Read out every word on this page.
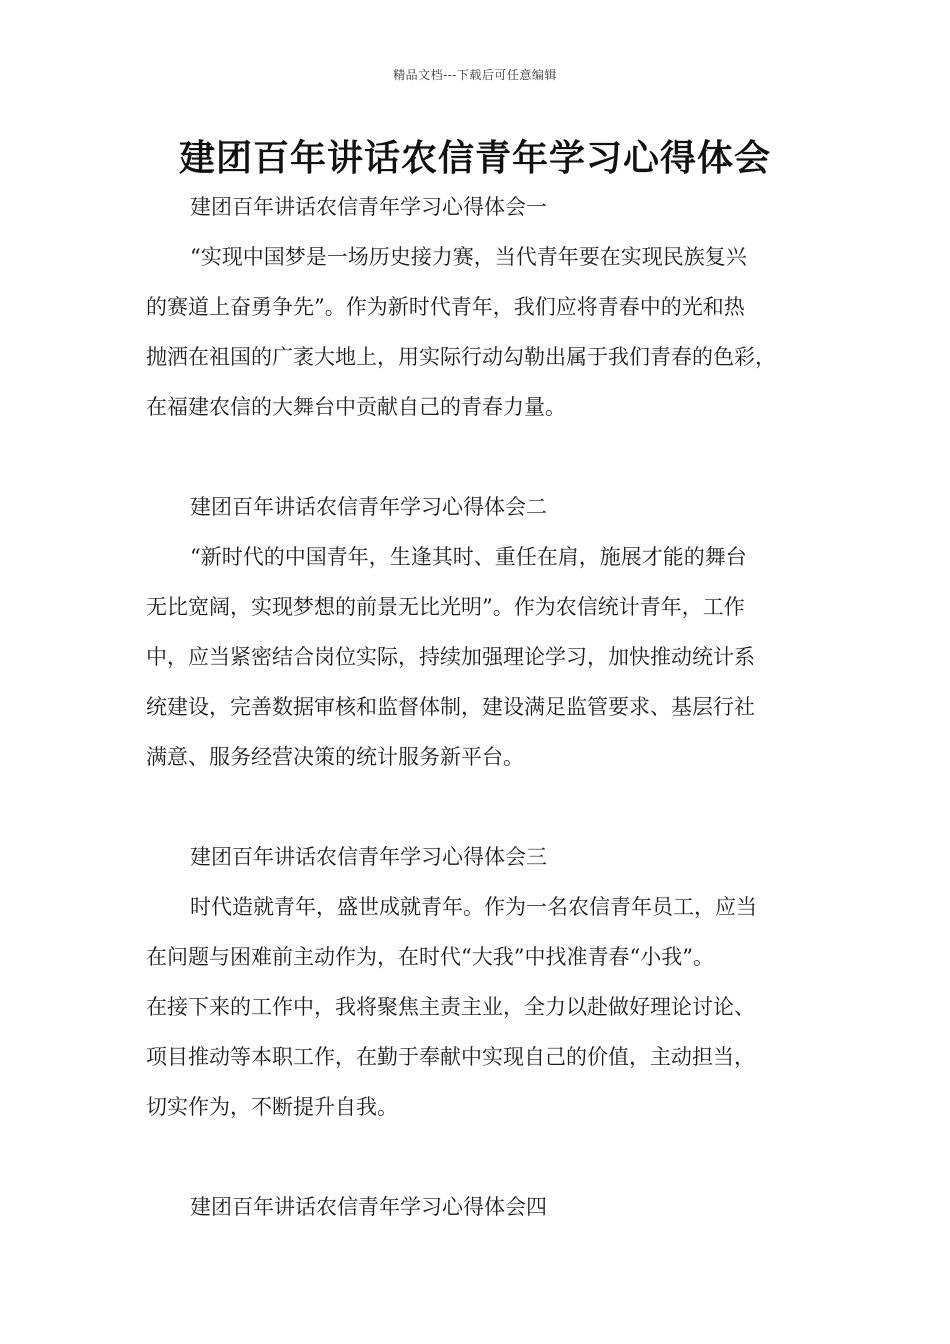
精品文档---下载后可任意编辑
建团百年讲话农信青年学习心得体会

建团百年讲话农信青年学习心得体会一

“实现中国梦是一场历史接力赛，当代青年要在实现民族复兴

的赛道上奋勇争先”。作为新时代青年，我们应将青春中的光和热

抛洒在祖国的广袤大地上，用实际行动勾勒出属于我们青春的色彩，

在福建农信的大舞台中贡献自己的青春力量。

建团百年讲话农信青年学习心得体会二

“新时代的中国青年，生逢其时、重任在肩，施展才能的舞台

无比宽阔，实现梦想的前景无比光明”。作为农信统计青年，工作

中，应当紧密结合岗位实际，持续加强理论学习，加快推动统计系

统建设，完善数据审核和监督体制，建设满足监管要求、基层行社

满意、服务经营决策的统计服务新平台。

建团百年讲话农信青年学习心得体会三

时代造就青年，盛世成就青年。作为一名农信青年员工，应当

在问题与困难前主动作为，在时代“大我”中找准青春“小我”。

在接下来的工作中，我将聚焦主责主业，全力以赴做好理论讨论、

项目推动等本职工作，在勤于奉献中实现自己的价值，主动担当，

切实作为，不断提升自我。

建团百年讲话农信青年学习心得体会四
